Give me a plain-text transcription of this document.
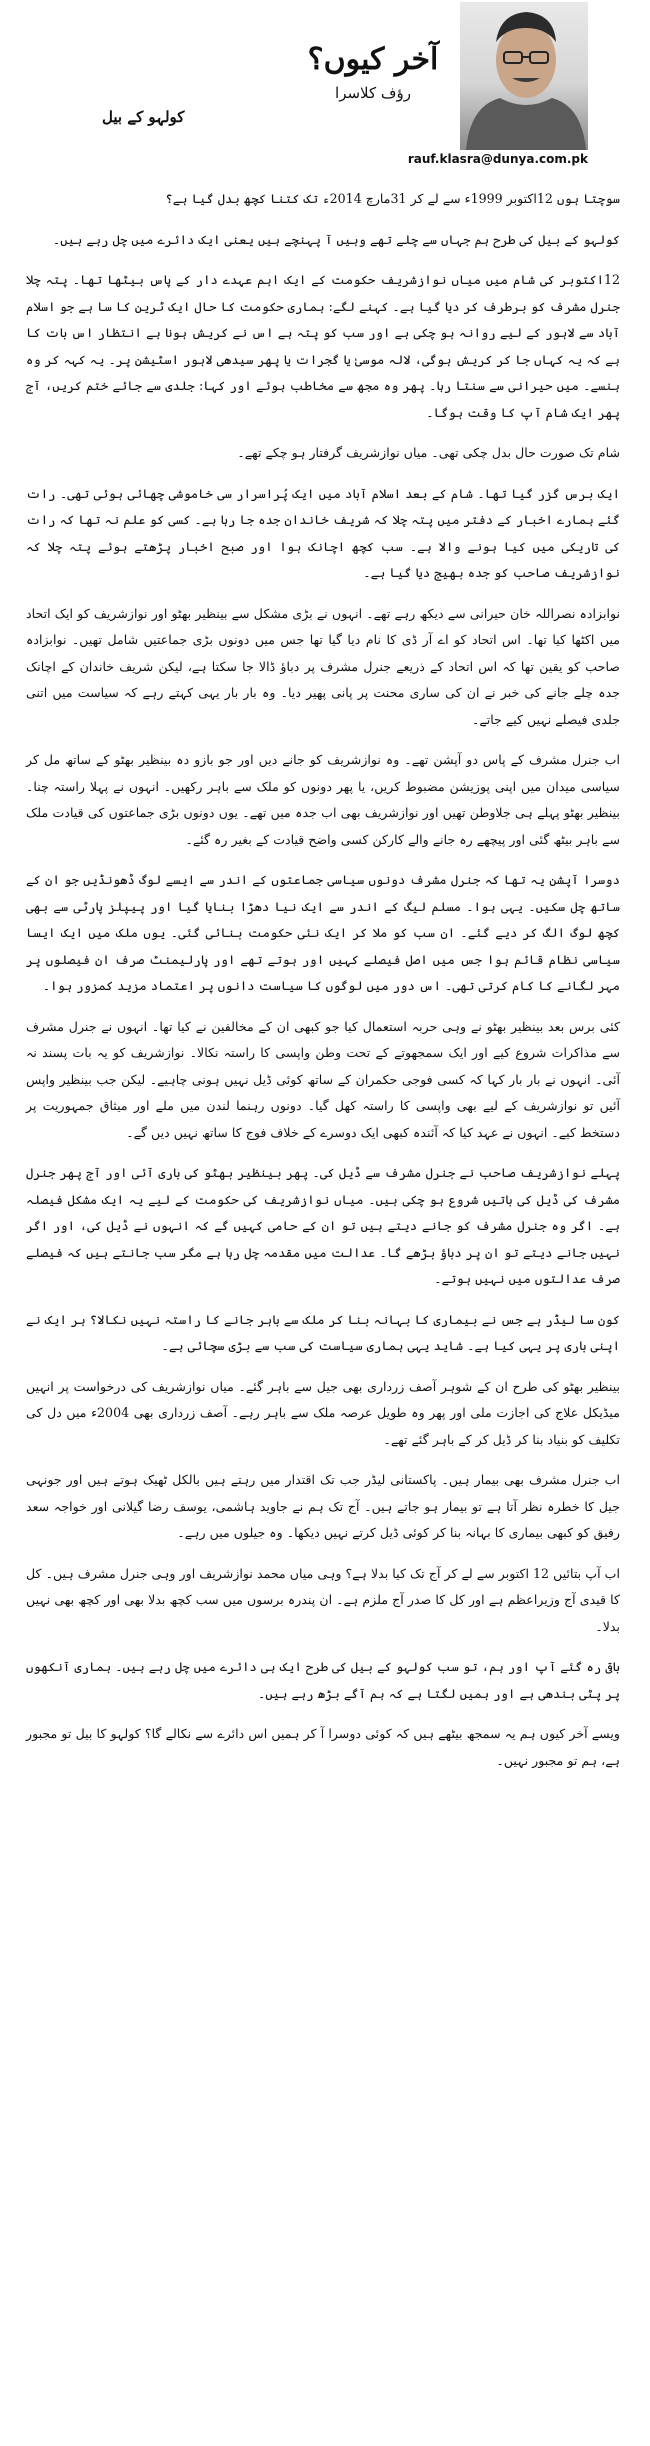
آخر کیوں؟
رؤف کلاسرا
کولہو کے بیل
rauf.klasra@dunya.com.pk

سوچتا ہوں 12اکتوبر 1999ء سے لے کر 31مارچ 2014ء تک کتنا کچھ بدل گیا ہے؟

کولہو کے بیل کی طرح ہم جہاں سے چلے تھے وہیں آ پہنچے ہیں یعنی ایک دائرے میں چل رہے ہیں۔

12اکتوبر کی شام میں میاں نوازشریف حکومت کے ایک اہم عہدے دار کے پاس بیٹھا تھا۔ پتہ چلا جنرل مشرف کو برطرف کر دیا گیا ہے۔ کہنے لگے: ہماری حکومت کا حال ایک ٹرین کا سا ہے جو اسلام آباد سے لاہور کے لیے روانہ ہو چکی ہے اور سب کو پتہ ہے اس نے کریش ہونا ہے انتظار اس بات کا ہے کہ یہ کہاں جا کر کریش ہوگی، لالہ موسیٰ یا گجرات یا پھر سیدھی لاہور اسٹیشن پر۔ یہ کہہ کر وہ ہنسے۔ میں حیرانی سے سنتا رہا۔ پھر وہ مجھ سے مخاطب ہوئے اور کہا: جلدی سے جائے ختم کریں، آج پھر ایک شام آپ کا وقت ہوگا۔

شام تک صورت حال بدل چکی تھی۔ میاں نوازشریف گرفتار ہو چکے تھے۔

ایک برس گزر گیا تھا۔ شام کے بعد اسلام آباد میں ایک پُراسرار سی خاموشی چھائی ہوئی تھی۔ رات گئے ہمارے اخبار کے دفتر میں پتہ چلا کہ شریف خاندان جدہ جا رہا ہے۔ کسی کو علم نہ تھا کہ رات کی تاریکی میں کیا ہونے والا ہے۔ سب کچھ اچانک ہوا اور صبح اخبار پڑھتے ہوئے پتہ چلا کہ نوازشریف صاحب کو جدہ بھیج دیا گیا ہے۔

نوابزادہ نصراللہ خان حیرانی سے دیکھ رہے تھے۔ انہوں نے بڑی مشکل سے بینظیر بھٹو اور نوازشریف کو ایک اتحاد میں اکٹھا کیا تھا۔ اس اتحاد کو اے آر ڈی کا نام دیا گیا تھا جس میں دونوں بڑی جماعتیں شامل تھیں۔ نوابزادہ صاحب کو یقین تھا کہ اس اتحاد کے ذریعے جنرل مشرف پر دباؤ ڈالا جا سکتا ہے، لیکن شریف خاندان کے اچانک جدہ چلے جانے کی خبر نے ان کی ساری محنت پر پانی پھیر دیا۔ وہ بار بار یہی کہتے رہے کہ سیاست میں اتنی جلدی فیصلے نہیں کیے جاتے۔

اب جنرل مشرف کے پاس دو آپشن تھے۔ وہ نوازشریف کو جانے دیں اور جو بازو دہ بینظیر بھٹو کے ساتھ مل کر سیاسی میدان میں اپنی پوزیشن مضبوط کریں، یا پھر دونوں کو ملک سے باہر رکھیں۔ انہوں نے پہلا راستہ چنا۔ بینظیر بھٹو پہلے ہی جلاوطن تھیں اور نوازشریف بھی اب جدہ میں تھے۔ یوں دونوں بڑی جماعتوں کی قیادت ملک سے باہر بیٹھ گئی اور پیچھے رہ جانے والے کارکن کسی واضح قیادت کے بغیر رہ گئے۔

دوسرا آپشن یہ تھا کہ جنرل مشرف دونوں سیاسی جماعتوں کے اندر سے ایسے لوگ ڈھونڈیں جو ان کے ساتھ چل سکیں۔ یہی ہوا۔ مسلم لیگ کے اندر سے ایک نیا دھڑا بنایا گیا اور پیپلز پارٹی سے بھی کچھ لوگ الگ کر دیے گئے۔ ان سب کو ملا کر ایک نئی حکومت بنائی گئی۔ یوں ملک میں ایک ایسا سیاسی نظام قائم ہوا جس میں اصل فیصلے کہیں اور ہوتے تھے اور پارلیمنٹ صرف ان فیصلوں پر مہر لگانے کا کام کرتی تھی۔ اس دور میں لوگوں کا سیاست دانوں پر اعتماد مزید کمزور ہوا۔

کئی برس بعد بینظیر بھٹو نے وہی حربہ استعمال کیا جو کبھی ان کے مخالفین نے کیا تھا۔ انہوں نے جنرل مشرف سے مذاکرات شروع کیے اور ایک سمجھوتے کے تحت وطن واپسی کا راستہ نکالا۔ نوازشریف کو یہ بات پسند نہ آئی۔ انہوں نے بار بار کہا کہ کسی فوجی حکمران کے ساتھ کوئی ڈیل نہیں ہونی چاہیے۔ لیکن جب بینظیر واپس آئیں تو نوازشریف کے لیے بھی واپسی کا راستہ کھل گیا۔ دونوں رہنما لندن میں ملے اور میثاق جمہوریت پر دستخط کیے۔ انہوں نے عہد کیا کہ آئندہ کبھی ایک دوسرے کے خلاف فوج کا ساتھ نہیں دیں گے۔

پہلے نوازشریف صاحب نے جنرل مشرف سے ڈیل کی۔ پھر بینظیر بھٹو کی باری آئی اور آج پھر جنرل مشرف کی ڈیل کی باتیں شروع ہو چکی ہیں۔ میاں نوازشریف کی حکومت کے لیے یہ ایک مشکل فیصلہ ہے۔ اگر وہ جنرل مشرف کو جانے دیتے ہیں تو ان کے حامی کہیں گے کہ انہوں نے ڈیل کی، اور اگر نہیں جانے دیتے تو ان پر دباؤ بڑھے گا۔ عدالت میں مقدمہ چل رہا ہے مگر سب جانتے ہیں کہ فیصلے صرف عدالتوں میں نہیں ہوتے۔

کون سا لیڈر ہے جس نے بیماری کا بہانہ بنا کر ملک سے باہر جانے کا راستہ نہیں نکالا؟ ہر ایک نے اپنی باری پر یہی کیا ہے۔ شاید یہی ہماری سیاست کی سب سے بڑی سچائی ہے۔

بینظیر بھٹو کی طرح ان کے شوہر آصف زرداری بھی جیل سے باہر گئے۔ میاں نوازشریف کی درخواست پر انہیں میڈیکل علاج کی اجازت ملی اور پھر وہ طویل عرصہ ملک سے باہر رہے۔ آصف زرداری بھی 2004ء میں دل کی تکلیف کو بنیاد بنا کر ڈیل کر کے باہر گئے تھے۔

اب جنرل مشرف بھی بیمار ہیں۔ پاکستانی لیڈر جب تک اقتدار میں رہتے ہیں بالکل ٹھیک ہوتے ہیں اور جونہی جیل کا خطرہ نظر آتا ہے تو بیمار ہو جاتے ہیں۔ آج تک ہم نے جاوید ہاشمی، یوسف رضا گیلانی اور خواجہ سعد رفیق کو کبھی بیماری کا بہانہ بنا کر کوئی ڈیل کرتے نہیں دیکھا۔ وہ جیلوں میں رہے۔

اب آپ بتائیں 12 اکتوبر سے لے کر آج تک کیا بدلا ہے؟ وہی میاں محمد نوازشریف اور وہی جنرل مشرف ہیں۔ کل کا قیدی آج وزیراعظم ہے اور کل کا صدر آج ملزم ہے۔ ان پندرہ برسوں میں سب کچھ بدلا بھی اور کچھ بھی نہیں بدلا۔

باقی رہ گئے آپ اور ہم، تو سب کولہو کے بیل کی طرح ایک ہی دائرے میں چل رہے ہیں۔ ہماری آنکھوں پر پٹی بندھی ہے اور ہمیں لگتا ہے کہ ہم آگے بڑھ رہے ہیں۔

ویسے آخر کیوں ہم یہ سمجھ بیٹھے ہیں کہ کوئی دوسرا آ کر ہمیں اس دائرے سے نکالے گا؟ کولہو کا بیل تو مجبور ہے، ہم تو مجبور نہیں۔
